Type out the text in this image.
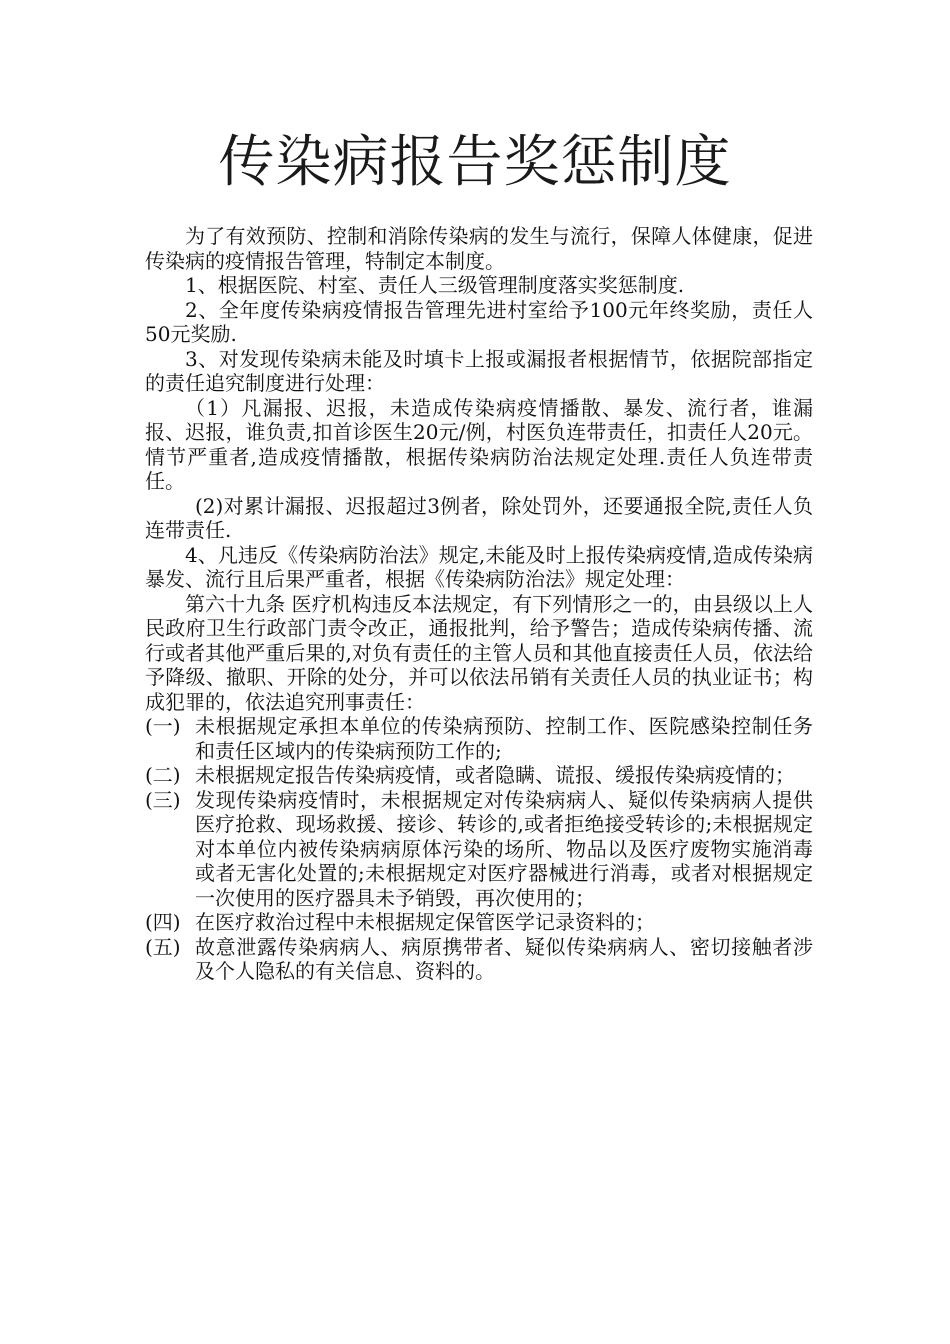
传染病报告奖惩制度

为了有效预防、控制和消除传染病的发生与流行，保障人体健康，促进传染病的疫情报告管理，特制定本制度。

1、根据医院、村室、责任人三级管理制度落实奖惩制度.

2、全年度传染病疫情报告管理先进村室给予100元年终奖励，责任人50元奖励.

3、对发现传染病未能及时填卡上报或漏报者根据情节，依据院部指定的责任追究制度进行处理：

（1）凡漏报、迟报，未造成传染病疫情播散、暴发、流行者，谁漏报、迟报，谁负责,扣首诊医生20元/例，村医负连带责任，扣责任人20元。情节严重者,造成疫情播散，根据传染病防治法规定处理.责任人负连带责任。

(2)对累计漏报、迟报超过3例者，除处罚外，还要通报全院,责任人负连带责任.

4、凡违反《传染病防治法》规定,未能及时上报传染病疫情,造成传染病暴发、流行且后果严重者，根据《传染病防治法》规定处理：

第六十九条 医疗机构违反本法规定，有下列情形之一的，由县级以上人民政府卫生行政部门责令改正，通报批判，给予警告；造成传染病传播、流行或者其他严重后果的,对负有责任的主管人员和其他直接责任人员，依法给予降级、撤职、开除的处分，并可以依法吊销有关责任人员的执业证书；构成犯罪的，依法追究刑事责任：

(一) 未根据规定承担本单位的传染病预防、控制工作、医院感染控制任务和责任区域内的传染病预防工作的;
(二) 未根据规定报告传染病疫情，或者隐瞒、谎报、缓报传染病疫情的；
(三) 发现传染病疫情时，未根据规定对传染病病人、疑似传染病病人提供医疗抢救、现场救援、接诊、转诊的,或者拒绝接受转诊的;未根据规定对本单位内被传染病病原体污染的场所、物品以及医疗废物实施消毒或者无害化处置的;未根据规定对医疗器械进行消毒，或者对根据规定一次使用的医疗器具未予销毁，再次使用的；
(四) 在医疗救治过程中未根据规定保管医学记录资料的；
(五) 故意泄露传染病病人、病原携带者、疑似传染病病人、密切接触者涉及个人隐私的有关信息、资料的。
